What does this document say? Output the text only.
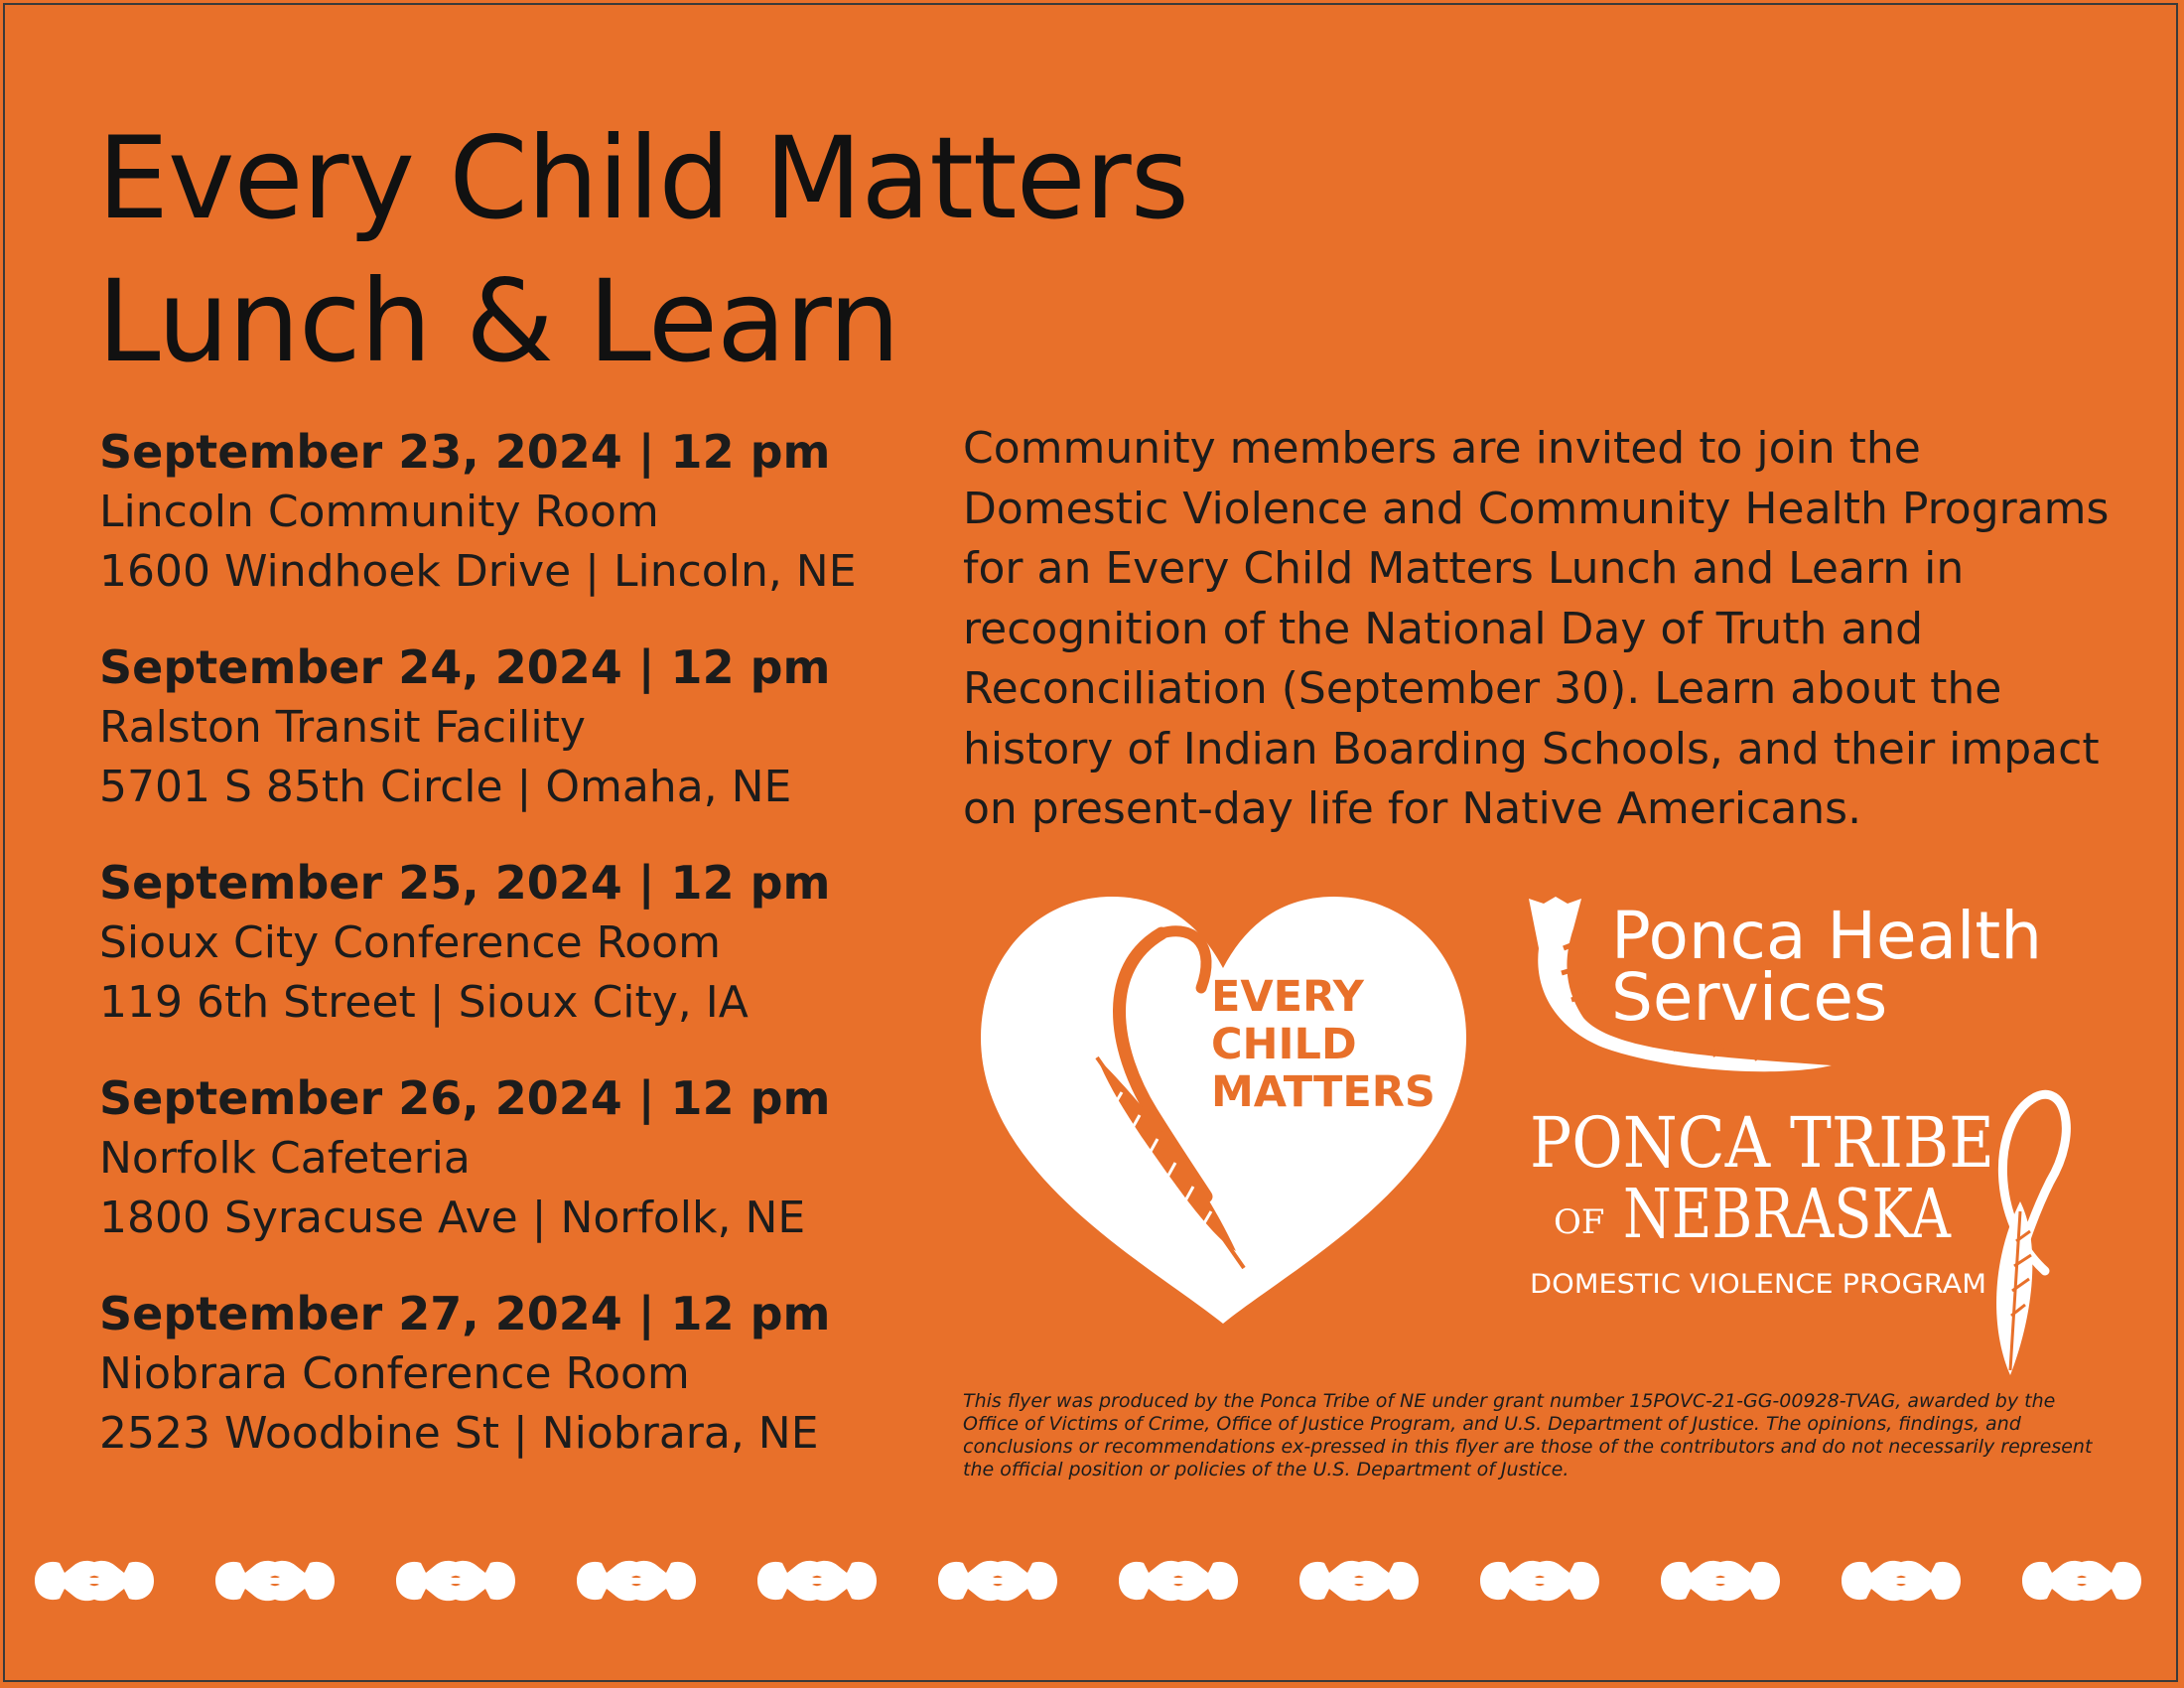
Every Child Matters
Lunch & Learn
September 23, 2024 | 12 pm
Lincoln Community Room
1600 Windhoek Drive | Lincoln, NE
September 24, 2024 | 12 pm
Ralston Transit Facility
5701 S 85th Circle | Omaha, NE
September 25, 2024 | 12 pm
Sioux City Conference Room
119 6th Street | Sioux City, IA
September 26, 2024 | 12 pm
Norfolk Cafeteria
1800 Syracuse Ave | Norfolk, NE
September 27, 2024 | 12 pm
Niobrara Conference Room
2523 Woodbine St | Niobrara, NE

Community members are invited to join the Domestic Violence and Community Health Programs for an Every Child Matters Lunch and Learn in recognition of the National Day of Truth and Reconciliation (September 30). Learn about the history of Indian Boarding Schools, and their impact on present-day life for Native Americans.

EVERY
CHILD
MATTERS
Ponca Health
Services
PONCA TRIBE
OF NEBRASKA
DOMESTIC VIOLENCE PROGRAM

This flyer was produced by the Ponca Tribe of NE under grant number 15POVC-21-GG-00928-TVAG, awarded by the Office of Victims of Crime, Office of Justice Program, and U.S. Department of Justice. The opinions, findings, and conclusions or recommendations ex-pressed in this flyer are those of the contributors and do not necessarily represent the official position or policies of the U.S. Department of Justice.
